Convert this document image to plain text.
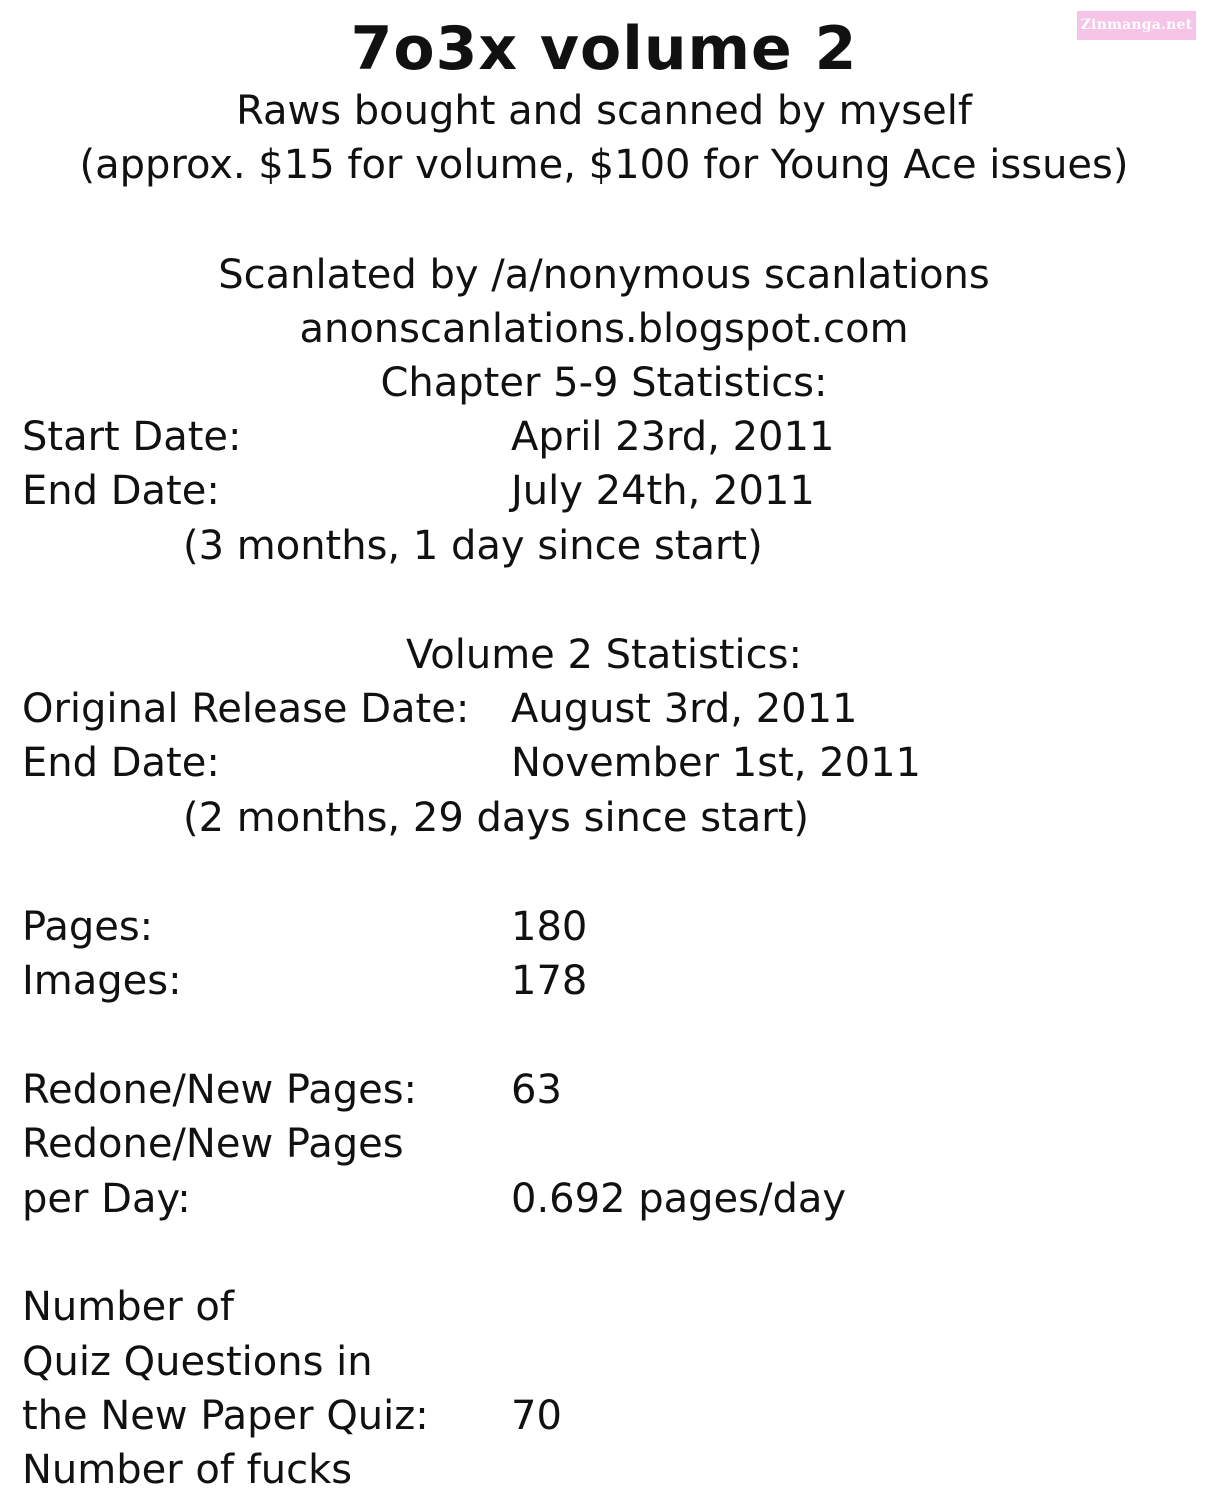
Zinmanga.net
7o3x volume 2
Raws bought and scanned by myself
(approx. $15 for volume, $100 for Young Ace issues)
Scanlated by /a/nonymous scanlations
anonscanlations.blogspot.com
Chapter 5-9 Statistics:
Start Date:	April 23rd, 2011
End Date:	July 24th, 2011
(3 months, 1 day since start)
Volume 2 Statistics:
Original Release Date: August 3rd, 2011
End Date:	November 1st, 2011
(2 months, 29 days since start)
Pages:	180
Images:	178
Redone/New Pages: 63
Redone/New Pages
per Day:	0.692 pages/day
Number of
Quiz Questions in
the New Paper Quiz: 70
Number of fucks
